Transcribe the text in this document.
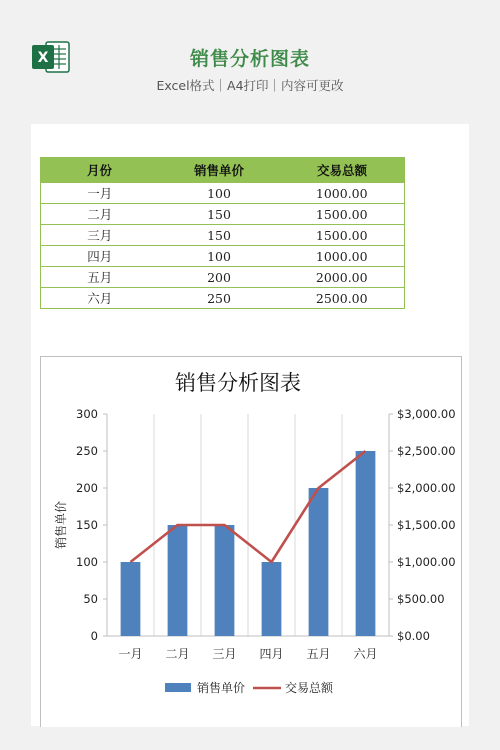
X	销售分析图表
Excel格式｜A4打印｜内容可更改
月份	销售单价	交易总额
一月	100	1000.00
二月	150	1500.00
三月	150	1500.00
四月	100	1000.00
五月	200	2000.00
六月	250	2500.00
销售分析图表
0
50
100
150
200
250
300
$0.00
$500.00
$1,000.00
$1,500.00
$2,000.00
$2,500.00
$3,000.00
销售单价
一月 二月 三月 四月 五月 六月
销售单价	交易总额
